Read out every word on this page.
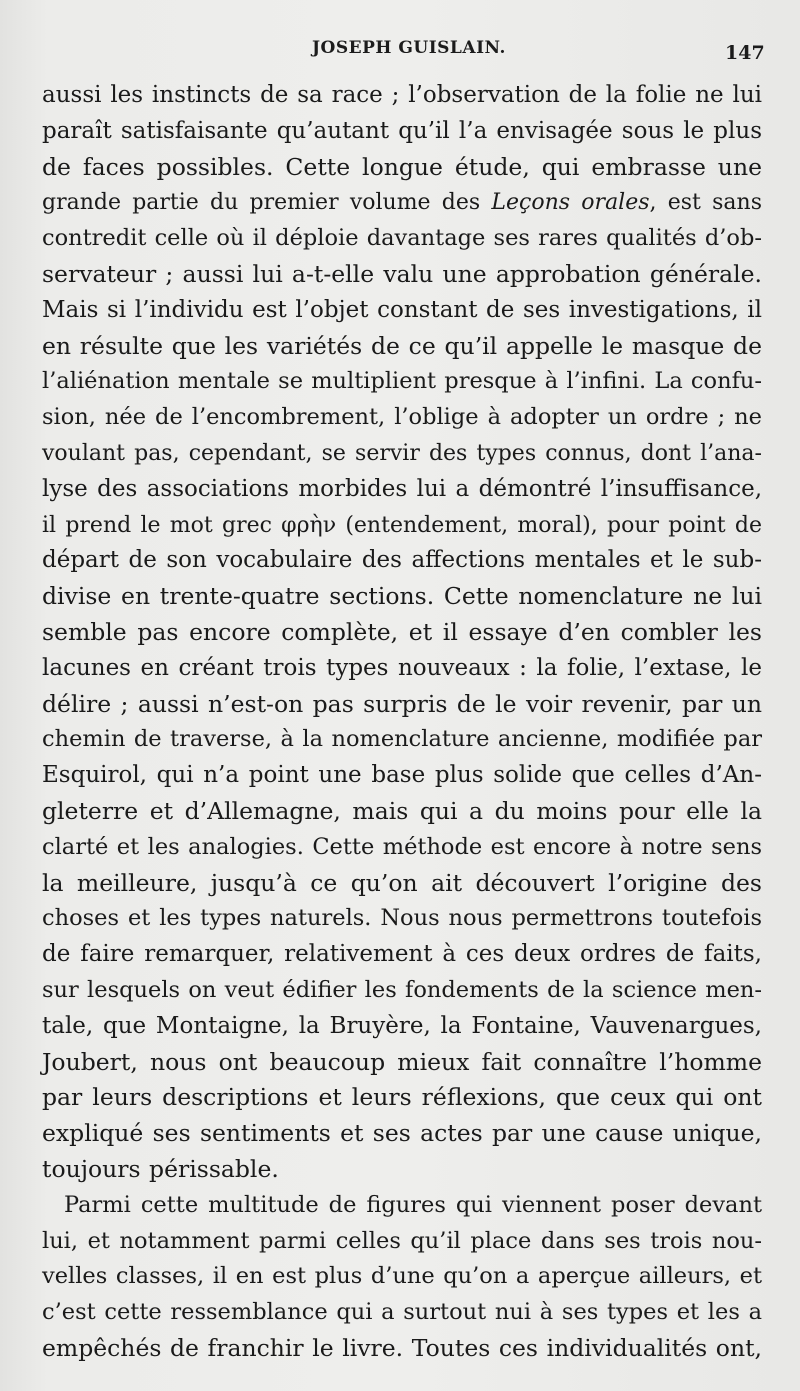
JOSEPH GUISLAIN.	147
aussi les instincts de sa race ; l’observation de la folie ne lui
paraît satisfaisante qu’autant qu’il l’a envisagée sous le plus
de faces possibles. Cette longue étude, qui embrasse une
grande partie du premier volume des Leçons orales, est sans
contredit celle où il déploie davantage ses rares qualités d’ob-
servateur ; aussi lui a-t-elle valu une approbation générale.
Mais si l’individu est l’objet constant de ses investigations, il
en résulte que les variétés de ce qu’il appelle le masque de
l’aliénation mentale se multiplient presque à l’infini. La confu-
sion, née de l’encombrement, l’oblige à adopter un ordre ; ne
voulant pas, cependant, se servir des types connus, dont l’ana-
lyse des associations morbides lui a démontré l’insuffisance,
il prend le mot grec φρὴν (entendement, moral), pour point de
départ de son vocabulaire des affections mentales et le sub-
divise en trente-quatre sections. Cette nomenclature ne lui
semble pas encore complète, et il essaye d’en combler les
lacunes en créant trois types nouveaux : la folie, l’extase, le
délire ; aussi n’est-on pas surpris de le voir revenir, par un
chemin de traverse, à la nomenclature ancienne, modifiée par
Esquirol, qui n’a point une base plus solide que celles d’An-
gleterre et d’Allemagne, mais qui a du moins pour elle la
clarté et les analogies. Cette méthode est encore à notre sens
la meilleure, jusqu’à ce qu’on ait découvert l’origine des
choses et les types naturels. Nous nous permettrons toutefois
de faire remarquer, relativement à ces deux ordres de faits,
sur lesquels on veut édifier les fondements de la science men-
tale, que Montaigne, la Bruyère, la Fontaine, Vauvenargues,
Joubert, nous ont beaucoup mieux fait connaître l’homme
par leurs descriptions et leurs réflexions, que ceux qui ont
expliqué ses sentiments et ses actes par une cause unique,
toujours périssable.
Parmi cette multitude de figures qui viennent poser devant
lui, et notamment parmi celles qu’il place dans ses trois nou-
velles classes, il en est plus d’une qu’on a aperçue ailleurs, et
c’est cette ressemblance qui a surtout nui à ses types et les a
empêchés de franchir le livre. Toutes ces individualités ont,
